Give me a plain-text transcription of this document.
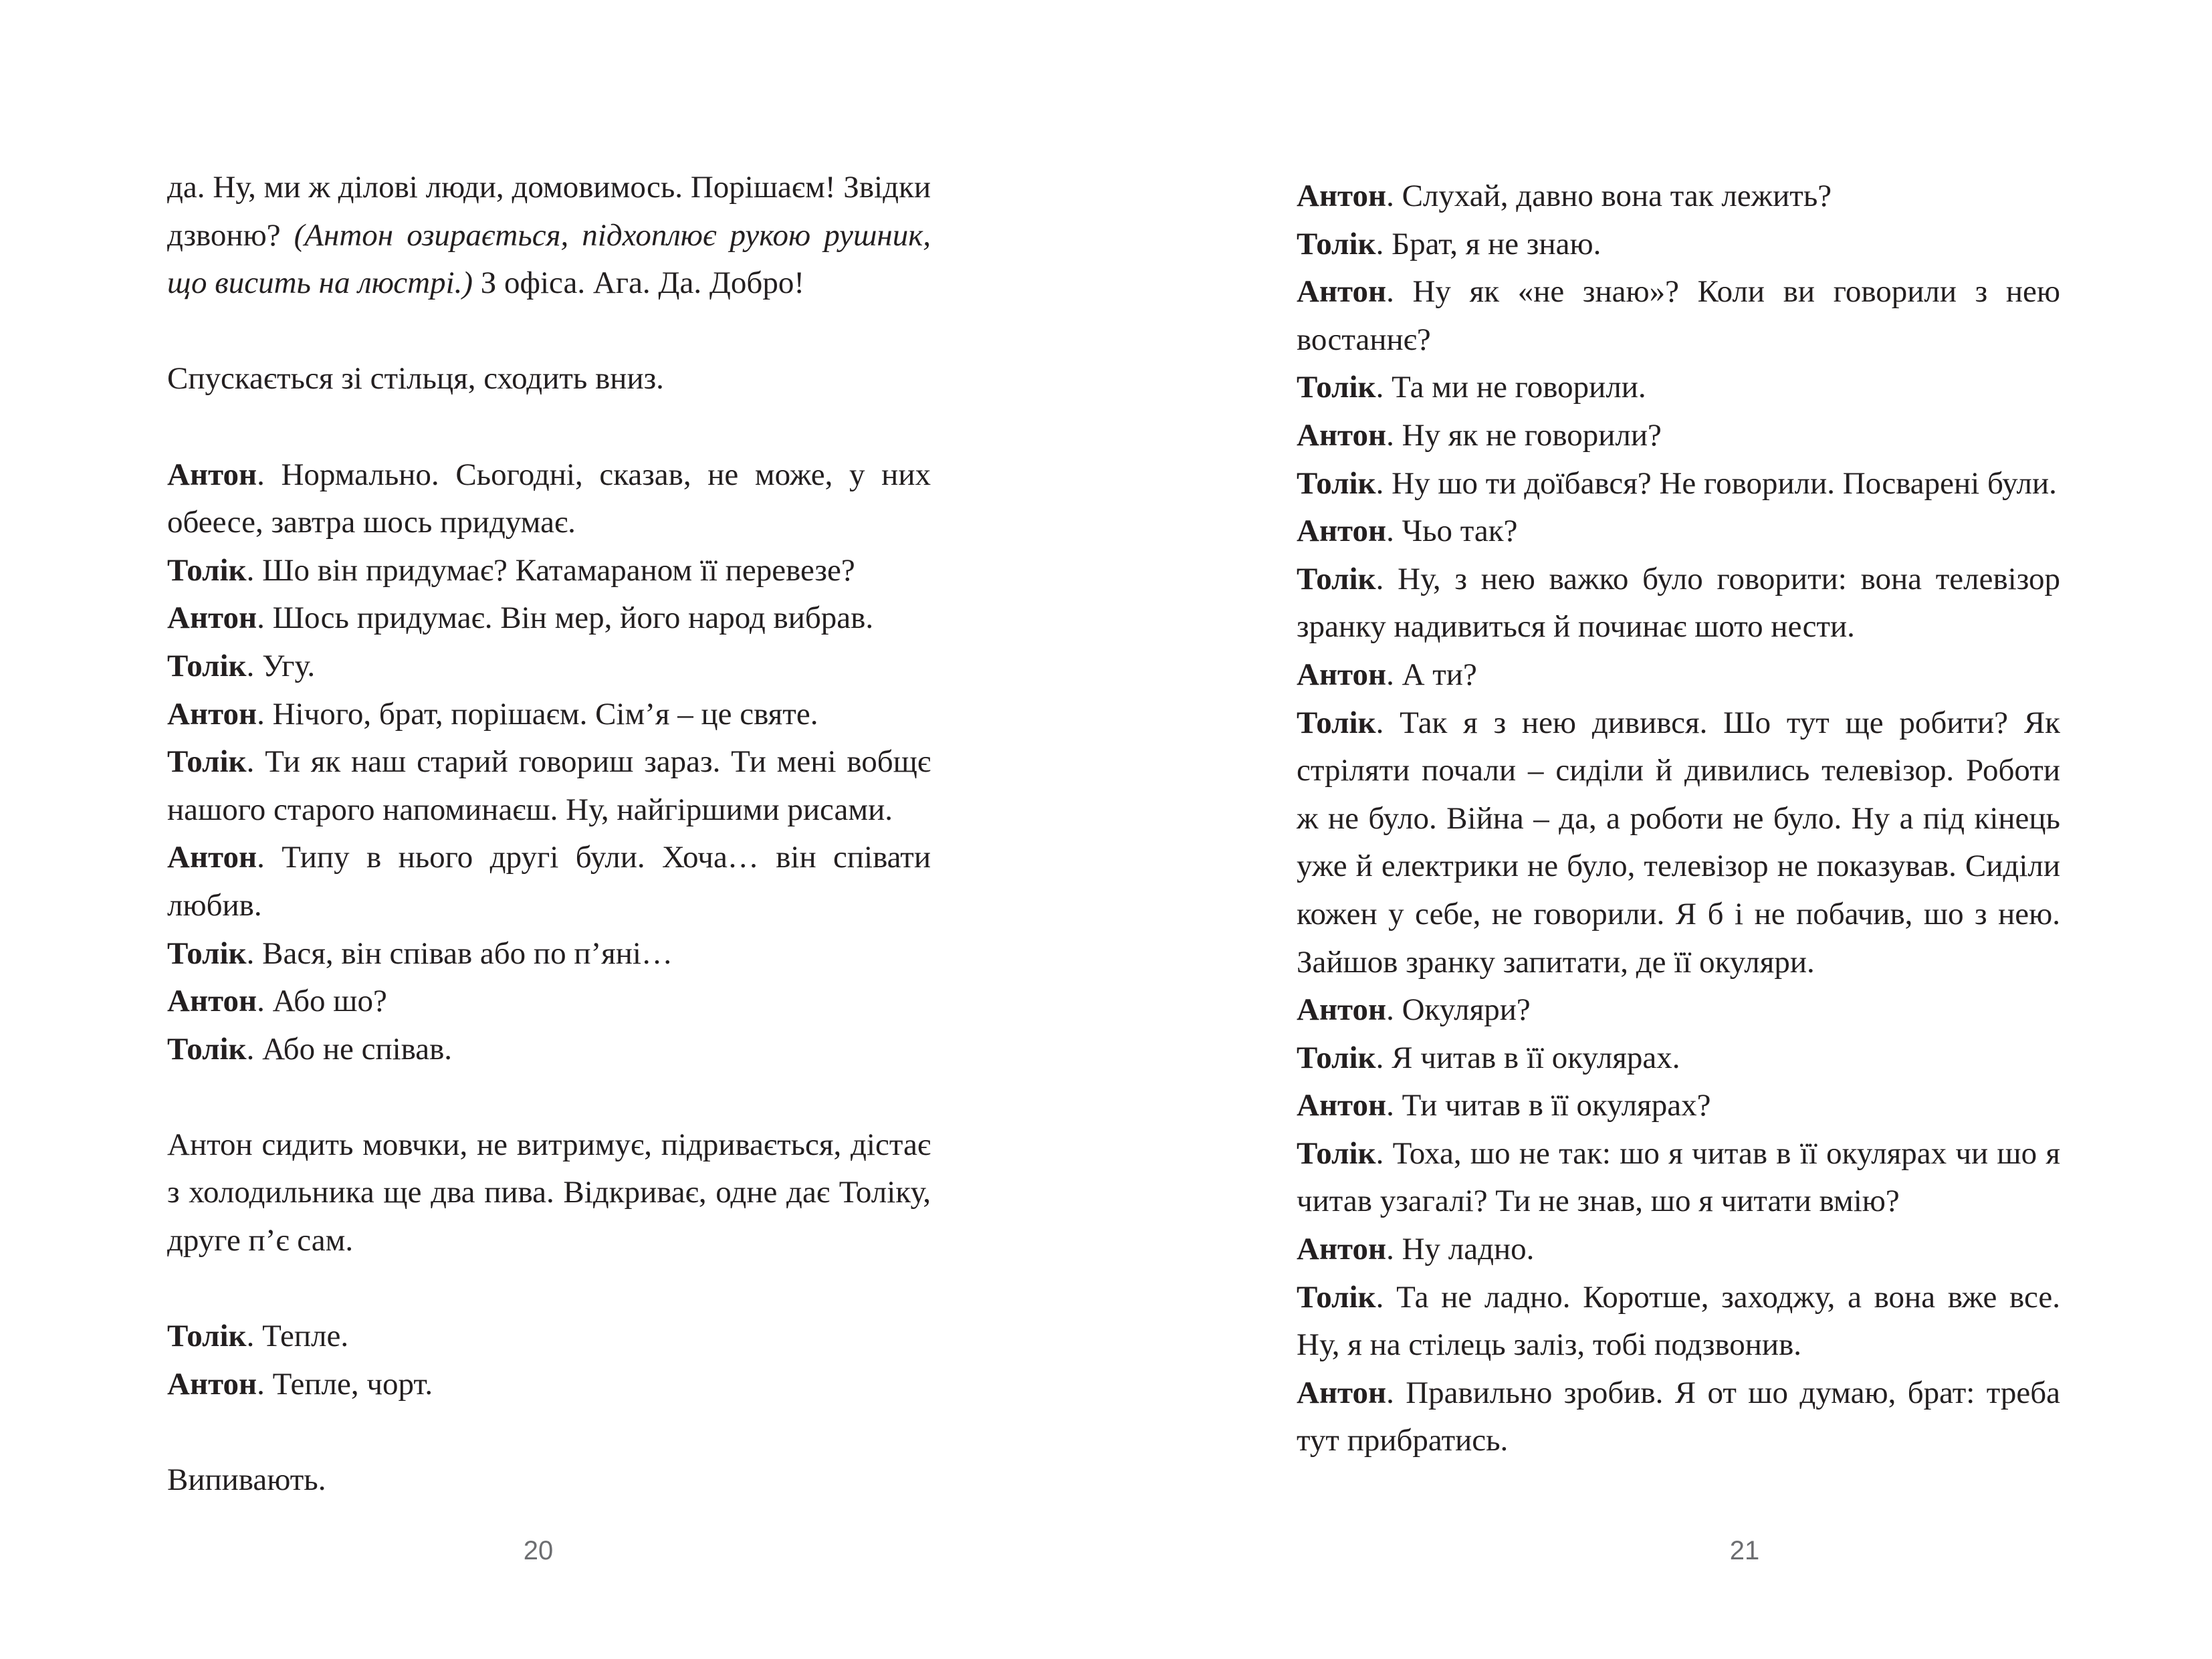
да. Ну, ми ж ділові люди, домовимось. Порішаєм! Звідки дзвоню? (Антон озирається, підхоплює рукою рушник, що висить на люстрі.) З офіса. Ага. Да. Добро!

Спускається зі стільця, сходить вниз.

Антон. Нормально. Сьогодні, сказав, не може, у них обеесе, завтра шось придумає.

Толік. Шо він придумає? Катамараном її перевезе?

Антон. Шось придумає. Він мер, його народ вибрав.

Толік. Угу.

Антон. Нічого, брат, порішаєм. Сім’я – це святе.

Толік. Ти як наш старий говориш зараз. Ти мені вобщє нашого старого напоминаєш. Ну, найгіршими рисами.

Антон. Типу в нього другі були. Хоча… він співати любив.

Толік. Вася, він співав або по п’яні…

Антон. Або шо?

Толік. Або не співав.

Антон сидить мовчки, не витримує, підривається, дістає з холодильника ще два пива. Відкриває, одне дає Толіку, друге п’є сам.

Толік. Тепле.

Антон. Тепле, чорт.

Випивають.

20

Антон. Слухай, давно вона так лежить?

Толік. Брат, я не знаю.

Антон. Ну як «не знаю»? Коли ви говорили з нею востаннє?

Толік. Та ми не говорили.

Антон. Ну як не говорили?

Толік. Ну шо ти доїбався? Не говорили. Посварені були.

Антон. Чьо так?

Толік. Ну, з нею важко було говорити: вона телевізор зранку надивиться й починає шото нести.

Антон. А ти?

Толік. Так я з нею дивився. Шо тут ще робити? Як стріляти почали – сиділи й дивились телевізор. Роботи ж не було. Війна – да, а роботи не було. Ну а під кінець уже й електрики не було, телевізор не показував. Сиділи кожен у себе, не говорили. Я б і не побачив, шо з нею. Зайшов зранку запитати, де її окуляри.

Антон. Окуляри?

Толік. Я читав в її окулярах.

Антон. Ти читав в її окулярах?

Толік. Тоха, шо не так: шо я читав в її окулярах чи шо я читав узагалі? Ти не знав, шо я читати вмію?

Антон. Ну ладно.

Толік. Та не ладно. Коротше, заходжу, а вона вже все. Ну, я на стілець заліз, тобі подзвонив.

Антон. Правильно зробив. Я от шо думаю, брат: треба тут прибратись.

21
